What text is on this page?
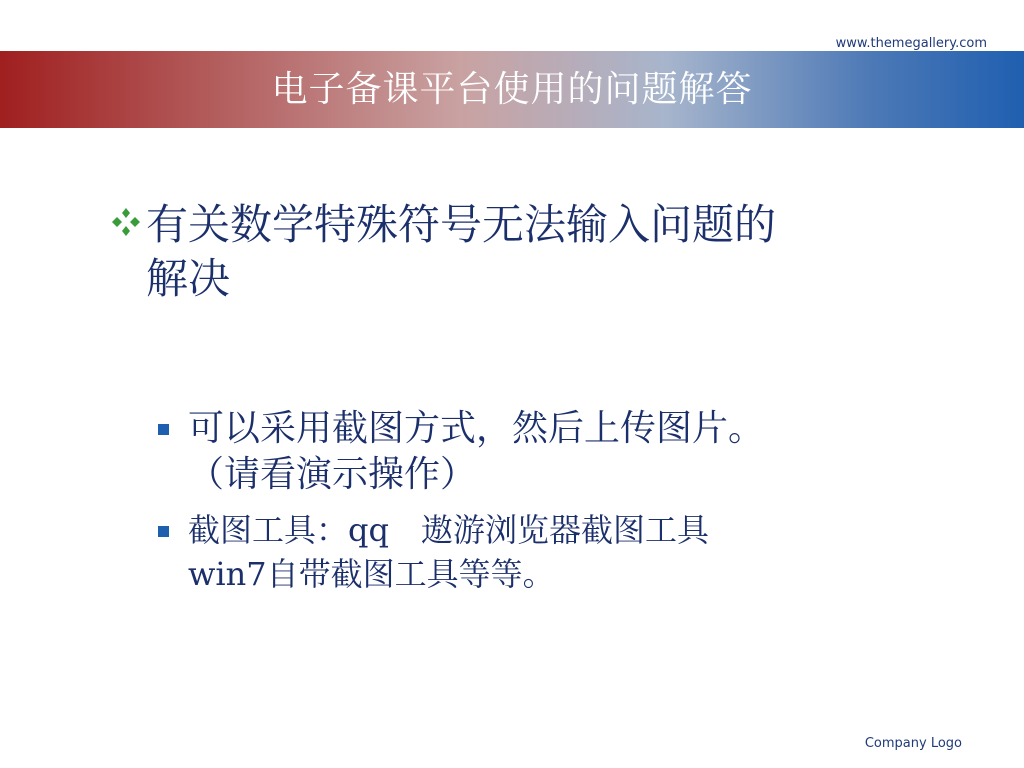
www.themegallery.com
电子备课平台使用的问题解答
有关数学特殊符号无法输入问题的
解决
可以采用截图方式，然后上传图片。
（请看演示操作）
截图工具：qq　遨游浏览器截图工具
win7自带截图工具等等。
Company Logo
